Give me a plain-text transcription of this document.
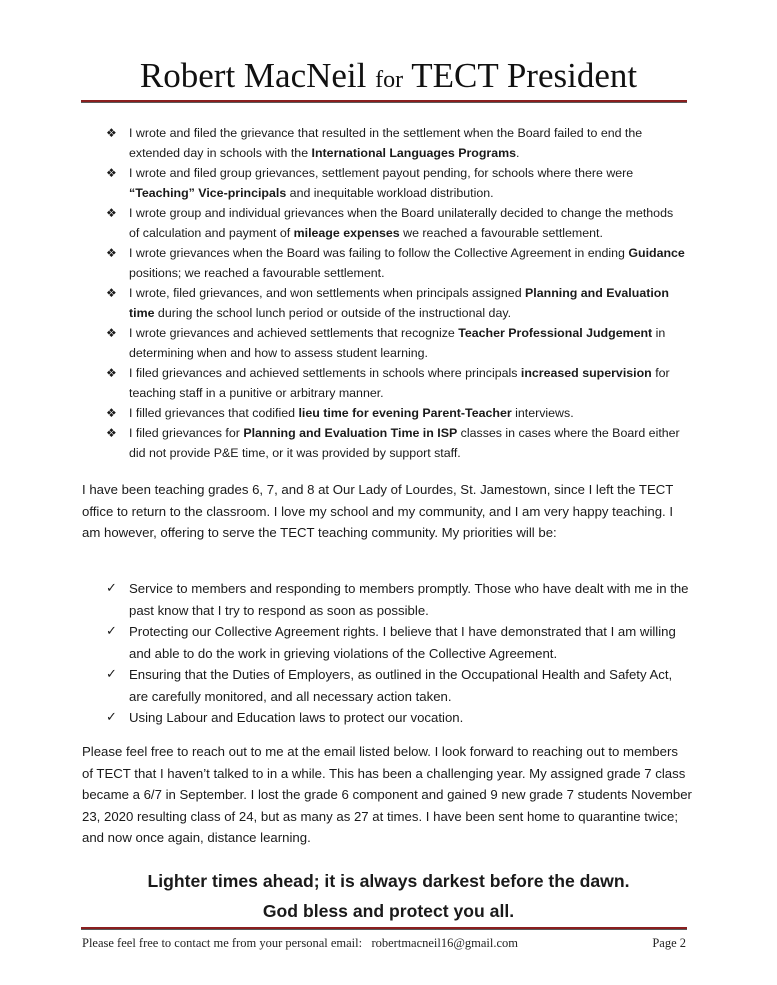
Robert MacNeil for TECT President
❖ I wrote and filed the grievance that resulted in the settlement when the Board failed to end the extended day in schools with the International Languages Programs.
❖ I wrote and filed group grievances, settlement payout pending, for schools where there were “Teaching” Vice-principals and inequitable workload distribution.
❖ I wrote group and individual grievances when the Board unilaterally decided to change the methods of calculation and payment of mileage expenses we reached a favourable settlement.
❖ I wrote grievances when the Board was failing to follow the Collective Agreement in ending Guidance positions; we reached a favourable settlement.
❖ I wrote, filed grievances, and won settlements when principals assigned Planning and Evaluation time during the school lunch period or outside of the instructional day.
❖ I wrote grievances and achieved settlements that recognize Teacher Professional Judgement in determining when and how to assess student learning.
❖ I filed grievances and achieved settlements in schools where principals increased supervision for teaching staff in a punitive or arbitrary manner.
❖ I filled grievances that codified lieu time for evening Parent-Teacher interviews.
❖ I filed grievances for Planning and Evaluation Time in ISP classes in cases where the Board either did not provide P&E time, or it was provided by support staff.

I have been teaching grades 6, 7, and 8 at Our Lady of Lourdes, St. Jamestown, since I left the TECT office to return to the classroom. I love my school and my community, and I am very happy teaching. I am however, offering to serve the TECT teaching community. My priorities will be:

✓ Service to members and responding to members promptly. Those who have dealt with me in the past know that I try to respond as soon as possible.
✓ Protecting our Collective Agreement rights. I believe that I have demonstrated that I am willing and able to do the work in grieving violations of the Collective Agreement.
✓ Ensuring that the Duties of Employers, as outlined in the Occupational Health and Safety Act, are carefully monitored, and all necessary action taken.
✓ Using Labour and Education laws to protect our vocation.

Please feel free to reach out to me at the email listed below. I look forward to reaching out to members of TECT that I haven’t talked to in a while. This has been a challenging year. My assigned grade 7 class became a 6/7 in September. I lost the grade 6 component and gained 9 new grade 7 students November 23, 2020 resulting class of 24, but as many as 27 at times. I have been sent home to quarantine twice; and now once again, distance learning.

Lighter times ahead; it is always darkest before the dawn.
God bless and protect you all.
Please feel free to contact me from your personal email: robertmacneil16@gmail.com	Page 2
